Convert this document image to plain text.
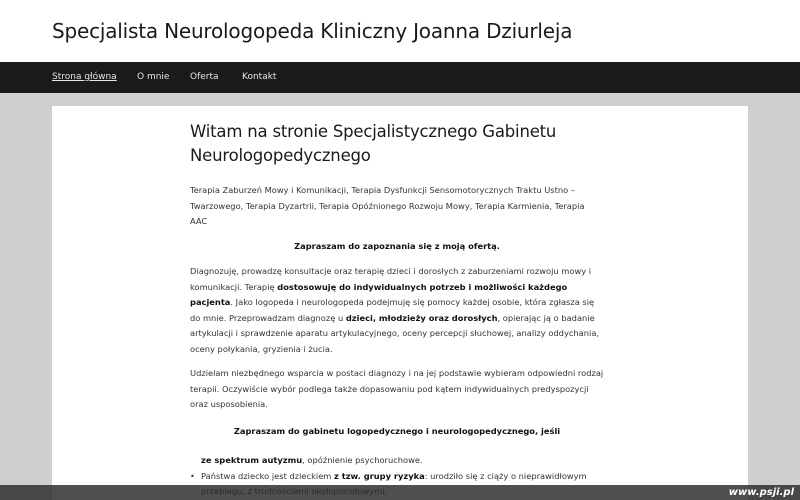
Specjalista Neurologopeda Kliniczny Joanna Dziurleja
Strona główna O mnie Oferta	Kontakt
Witam na stronie Specjalistycznego Gabinetu Neurologopedycznego

Terapia Zaburzeń Mowy i Komunikacji, Terapia Dysfunkcji Sensomotorycznych Traktu Ustno – Twarzowego, Terapia Dyzartrii, Terapia Opóźnionego Rozwoju Mowy, Terapia Karmienia, Terapia AAC

Zapraszam do zapoznania się z moją ofertą.

Diagnozuję, prowadzę konsultacje oraz terapię dzieci i dorosłych z zaburzeniami rozwoju mowy i komunikacji. Terapię dostosowuję do indywidualnych potrzeb i możliwości każdego pacjenta. Jako logopeda i neurologopeda podejmuję się pomocy każdej osobie, która zgłasza się do mnie. Przeprowadzam diagnozę u dzieci, młodzieży oraz dorosłych, opierając ją o badanie artykulacji i sprawdzenie aparatu artykulacyjnego, oceny percepcji słuchowej, analizy oddychania, oceny połykania, gryzienia i żucia.

Udzielam niezbędnego wsparcia w postaci diagnozy i na jej podstawie wybieram odpowiedni rodzaj terapii. Oczywiście wybór podlega także dopasowaniu pod kątem indywidualnych predyspozycji oraz usposobienia.

Zapraszam do gabinetu logopedycznego i neurologopedycznego, jeśli

ze spektrum autyzmu, opóźnienie psychoruchowe.
• Państwa dziecko jest dzieckiem z tzw. grupy ryzyka: urodziło się z ciąży o nieprawidłowym
www.psji.pl
